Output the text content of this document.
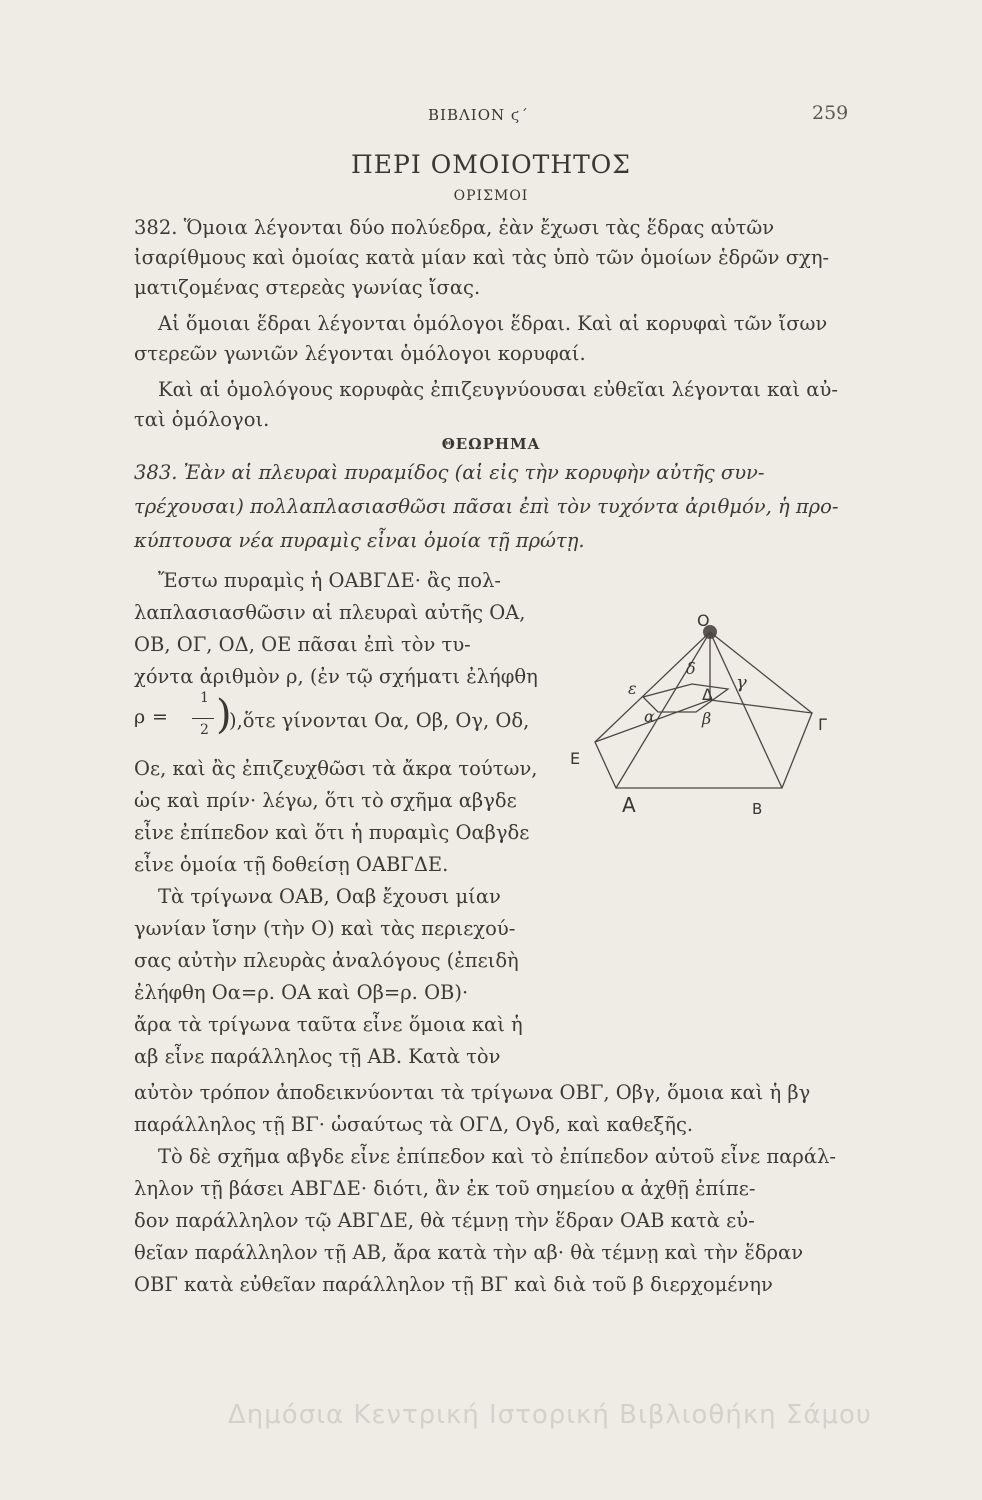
ΒΙΒΛΙΟΝ ϛ΄	259
ΠΕΡΙ ΟΜΟΙΟΤΗΤΟΣ
ΟΡΙΣΜΟΙ
382. Ὅμοια λέγονται δύο πολύεδρα, ἐὰν ἔχωσι τὰς ἕδρας αὐτῶν
ἰσαρίθμους καὶ ὁμοίας κατὰ μίαν καὶ τὰς ὑπὸ τῶν ὁμοίων ἑδρῶν σχη-
ματιζομένας στερεὰς γωνίας ἴσας.
Αἱ ὅμοιαι ἕδραι λέγονται ὁμόλογοι ἕδραι. Καὶ αἱ κορυφαὶ τῶν ἴσων
στερεῶν γωνιῶν λέγονται ὁμόλογοι κορυφαί.
Καὶ αἱ ὁμολόγους κορυφὰς ἐπιζευγνύουσαι εὐθεῖαι λέγονται καὶ αὐ-
ταὶ ὁμόλογοι.
ΘΕΩΡΗΜΑ
383. Ἐὰν αἱ πλευραὶ πυραμίδος (αἱ εἰς τὴν κορυφὴν αὐτῆς συν-
τρέχουσαι) πολλαπλασιασθῶσι πᾶσαι ἐπὶ τὸν τυχόντα ἀριθμόν, ἡ προ-
κύπτουσα νέα πυραμὶς εἶναι ὁμοία τῇ πρώτῃ.
Ἔστω πυραμὶς ἡ ΟΑΒΓΔΕ· ἂς πολ-
λαπλασιασθῶσιν αἱ πλευραὶ αὐτῆς ΟΑ,
ΟΒ, ΟΓ, ΟΔ, ΟΕ πᾶσαι ἐπὶ τὸν τυ-
χόντα ἀριθμὸν ρ, (ἐν τῷ σχήματι ἐλήφθη
ρ =
1
2 )
),ὅτε γίνονται Οα, Οβ, Ογ, Οδ,
Οε, καὶ ἂς ἐπιζευχθῶσι τὰ ἄκρα τούτων,
ὡς καὶ πρίν· λέγω, ὅτι τὸ σχῆμα αβγδε
εἶνε ἐπίπεδον καὶ ὅτι ἡ πυραμὶς Οαβγδε
εἶνε ὁμοία τῇ δοθείσῃ ΟΑΒΓΔΕ.
Τὰ τρίγωνα ΟΑΒ, Οαβ ἔχουσι μίαν
γωνίαν ἴσην (τὴν Ο) καὶ τὰς περιεχού-
σας αὐτὴν πλευρὰς ἀναλόγους (ἐπειδὴ
ἐλήφθη Οα=ρ. ΟΑ καὶ Οβ=ρ. ΟΒ)·
ἄρα τὰ τρίγωνα ταῦτα εἶνε ὅμοια καὶ ἡ
αβ εἶνε παράλληλος τῇ ΑΒ. Κατὰ τὸν
αὐτὸν τρόπον ἀποδεικνύονται τὰ τρίγωνα ΟΒΓ, Οβγ, ὅμοια καὶ ἡ βγ
παράλληλος τῇ ΒΓ· ὡσαύτως τὰ ΟΓΔ, Ογδ, καὶ καθεξῆς.
Τὸ δὲ σχῆμα αβγδε εἶνε ἐπίπεδον καὶ τὸ ἐπίπεδον αὐτοῦ εἶνε παράλ-
ληλον τῇ βάσει ΑΒΓΔΕ· διότι, ἂν ἐκ τοῦ σημείου α ἀχθῇ ἐπίπε-
δον παράλληλον τῷ ΑΒΓΔΕ, θὰ τέμνῃ τὴν ἕδραν ΟΑΒ κατὰ εὐ-
θεῖαν παράλληλον τῇ ΑΒ, ἄρα κατὰ τὴν αβ· θὰ τέμνῃ καὶ τὴν ἕδραν
ΟΒΓ κατὰ εὐθεῖαν παράλληλον τῇ ΒΓ καὶ διὰ τοῦ β διερχομένην
O
Α	Β
Γ
Δ
Ε
α	β
γ
δ
ε
Δημόσια Κεντρική Ιστορική Βιβλιοθήκη Σάμου
